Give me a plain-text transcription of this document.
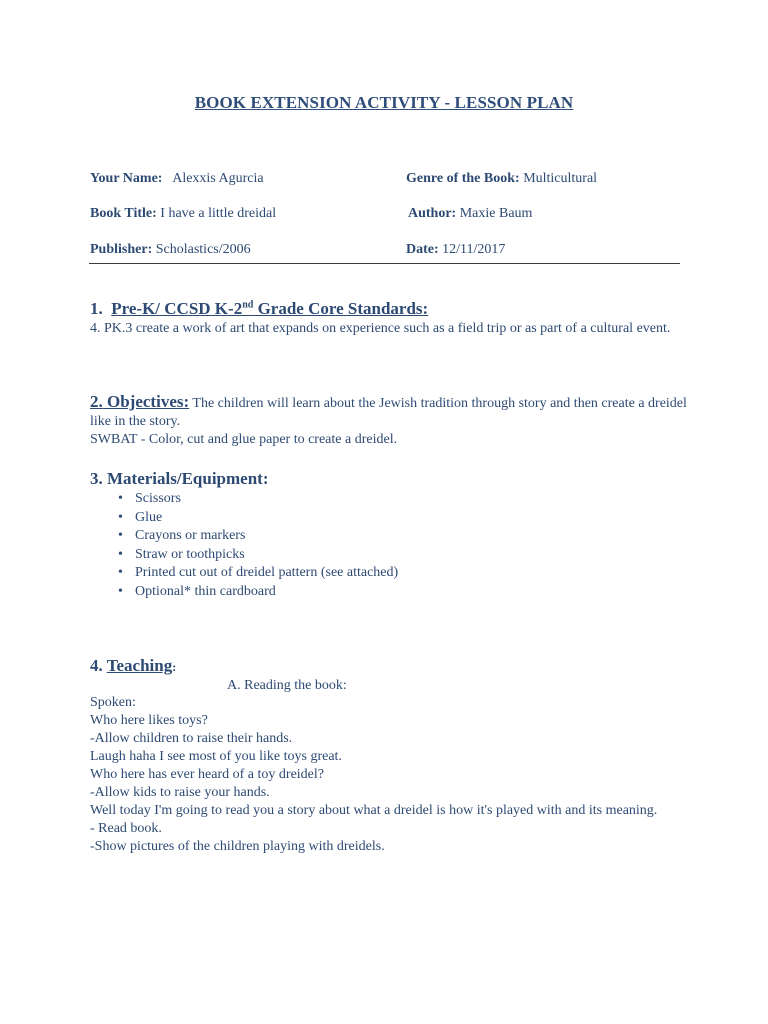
BOOK EXTENSION ACTIVITY - LESSON PLAN
Your Name: Alexxis Agurcia	Genre of the Book: Multicultural
Book Title: I have a little dreidal	Author: Maxie Baum
Publisher: Scholastics/2006	Date: 12/11/2017
1. Pre-K/ CCSD K-2nd Grade Core Standards:
4. PK.3 create a work of art that expands on experience such as a field trip or as part of a cultural event.
2. Objectives: The children will learn about the Jewish tradition through story and then create a dreidel like in the story.
SWBAT - Color, cut and glue paper to create a dreidel.
3. Materials/Equipment:
• Scissors
• Glue
• Crayons or markers
• Straw or toothpicks
• Printed cut out of dreidel pattern (see attached)
• Optional* thin cardboard
4. Teaching:
A. Reading the book:
Spoken:
Who here likes toys?
-Allow children to raise their hands.
Laugh haha I see most of you like toys great.
Who here has ever heard of a toy dreidel?
-Allow kids to raise your hands.
Well today I'm going to read you a story about what a dreidel is how it's played with and its meaning.
- Read book.
-Show pictures of the children playing with dreidels.
